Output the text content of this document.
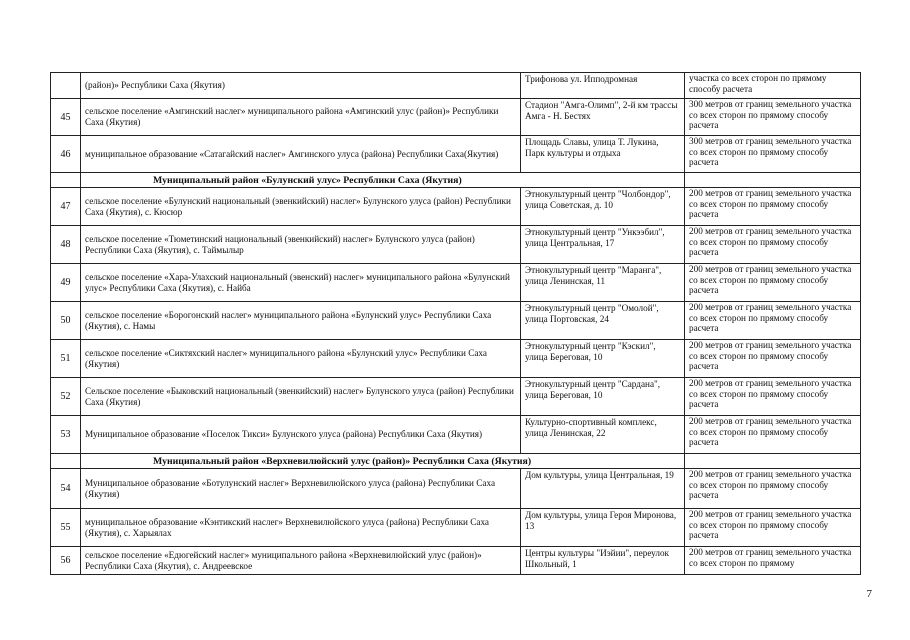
	(район)» Республики Саха (Якутия)	Трифонова ул. Ипподромная	участка со всех сторон по прямому способу расчета
45	сельское поселение «Амгинский наслег» муниципального района «Амгинский улус (район)» Республики Саха (Якутия)	Стадион "Амга-Олимп", 2-й км трассы Амга - Н. Бестях	300 метров от границ земельного участка со всех сторон по прямому способу расчета
46	муниципальное образование «Сатагайский наслег» Амгинского улуса (района) Республики Саха(Якутия)	Площадь Славы, улица Т. Лукина, Парк культуры и отдыха	300 метров от границ земельного участка со всех сторон по прямому способу расчета
	Муниципальный район «Булунский улус» Республики Саха (Якутия)		
47	сельское поселение «Булунский национальный (эвенкийский) наслег» Булунского улуса (район) Республики Саха (Якутия), с. Кюсюр	Этнокультурный центр "Чолбондор", улица Советская, д. 10	200 метров от границ земельного участка со всех сторон по прямому способу расчета
48	сельское поселение «Тюметинский национальный (эвенкийский) наслег» Булунского улуса (район) Республики Саха (Якутия), с. Таймылыр	Этнокультурный центр "Ункээбил", улица Центральная, 17	200 метров от границ земельного участка со всех сторон по прямому способу расчета
49	сельское поселение «Хара-Улахский национальный (эвенский) наслег» муниципального района «Булунский улус» Республики Саха (Якутия), с. Найба	Этнокультурный центр "Маранга", улица Ленинская, 11	200 метров от границ земельного участка со всех сторон по прямому способу расчета
50	сельское поселение «Борогонский наслег» муниципального района «Булунский улус» Республики Саха (Якутия), с. Намы	Этнокультурный центр "Омолой", улица Портовская, 24	200 метров от границ земельного участка со всех сторон по прямому способу расчета
51	сельское поселение «Сиктяхский наслег» муниципального района «Булунский улус» Республики Саха (Якутия)	Этнокультурный центр "Кэскил", улица Береговая, 10	200 метров от границ земельного участка со всех сторон по прямому способу расчета
52	Сельское поселение «Быковский национальный (эвенкийский) наслег» Булунского улуса (район) Республики Саха (Якутия)	Этнокультурный центр "Сардана", улица Береговая, 10	200 метров от границ земельного участка со всех сторон по прямому способу расчета
53	Муниципальное образование «Поселок Тикси» Булунского улуса (района) Республики Саха (Якутия)	Культурно-спортивный комплекс, улица Ленинская, 22	200 метров от границ земельного участка со всех сторон по прямому способу расчета
	Муниципальный район «Верхневилюйский улус (район)» Республики Саха (Якутия)		
54	Муниципальное образование «Ботулунский наслег» Верхневилюйского улуса (района) Республики Саха (Якутия)	Дом культуры, улица Центральная, 19	200 метров от границ земельного участка со всех сторон по прямому способу расчета
55	муниципальное образование «Кэнтикский наслег» Верхневилюйского улуса (района) Республики Саха (Якутия), с. Харыялах	Дом культуры, улица Героя Миронова, 13	200 метров от границ земельного участка со всех сторон по прямому способу расчета
56	сельское поселение «Едюгейский наслег» муниципального района «Верхневилюйский улус (район)» Республики Саха (Якутия), с. Андреевское	Центры культуры "Иэйии", переулок Школьный, 1	200 метров от границ земельного участка со всех сторон по прямому
7
